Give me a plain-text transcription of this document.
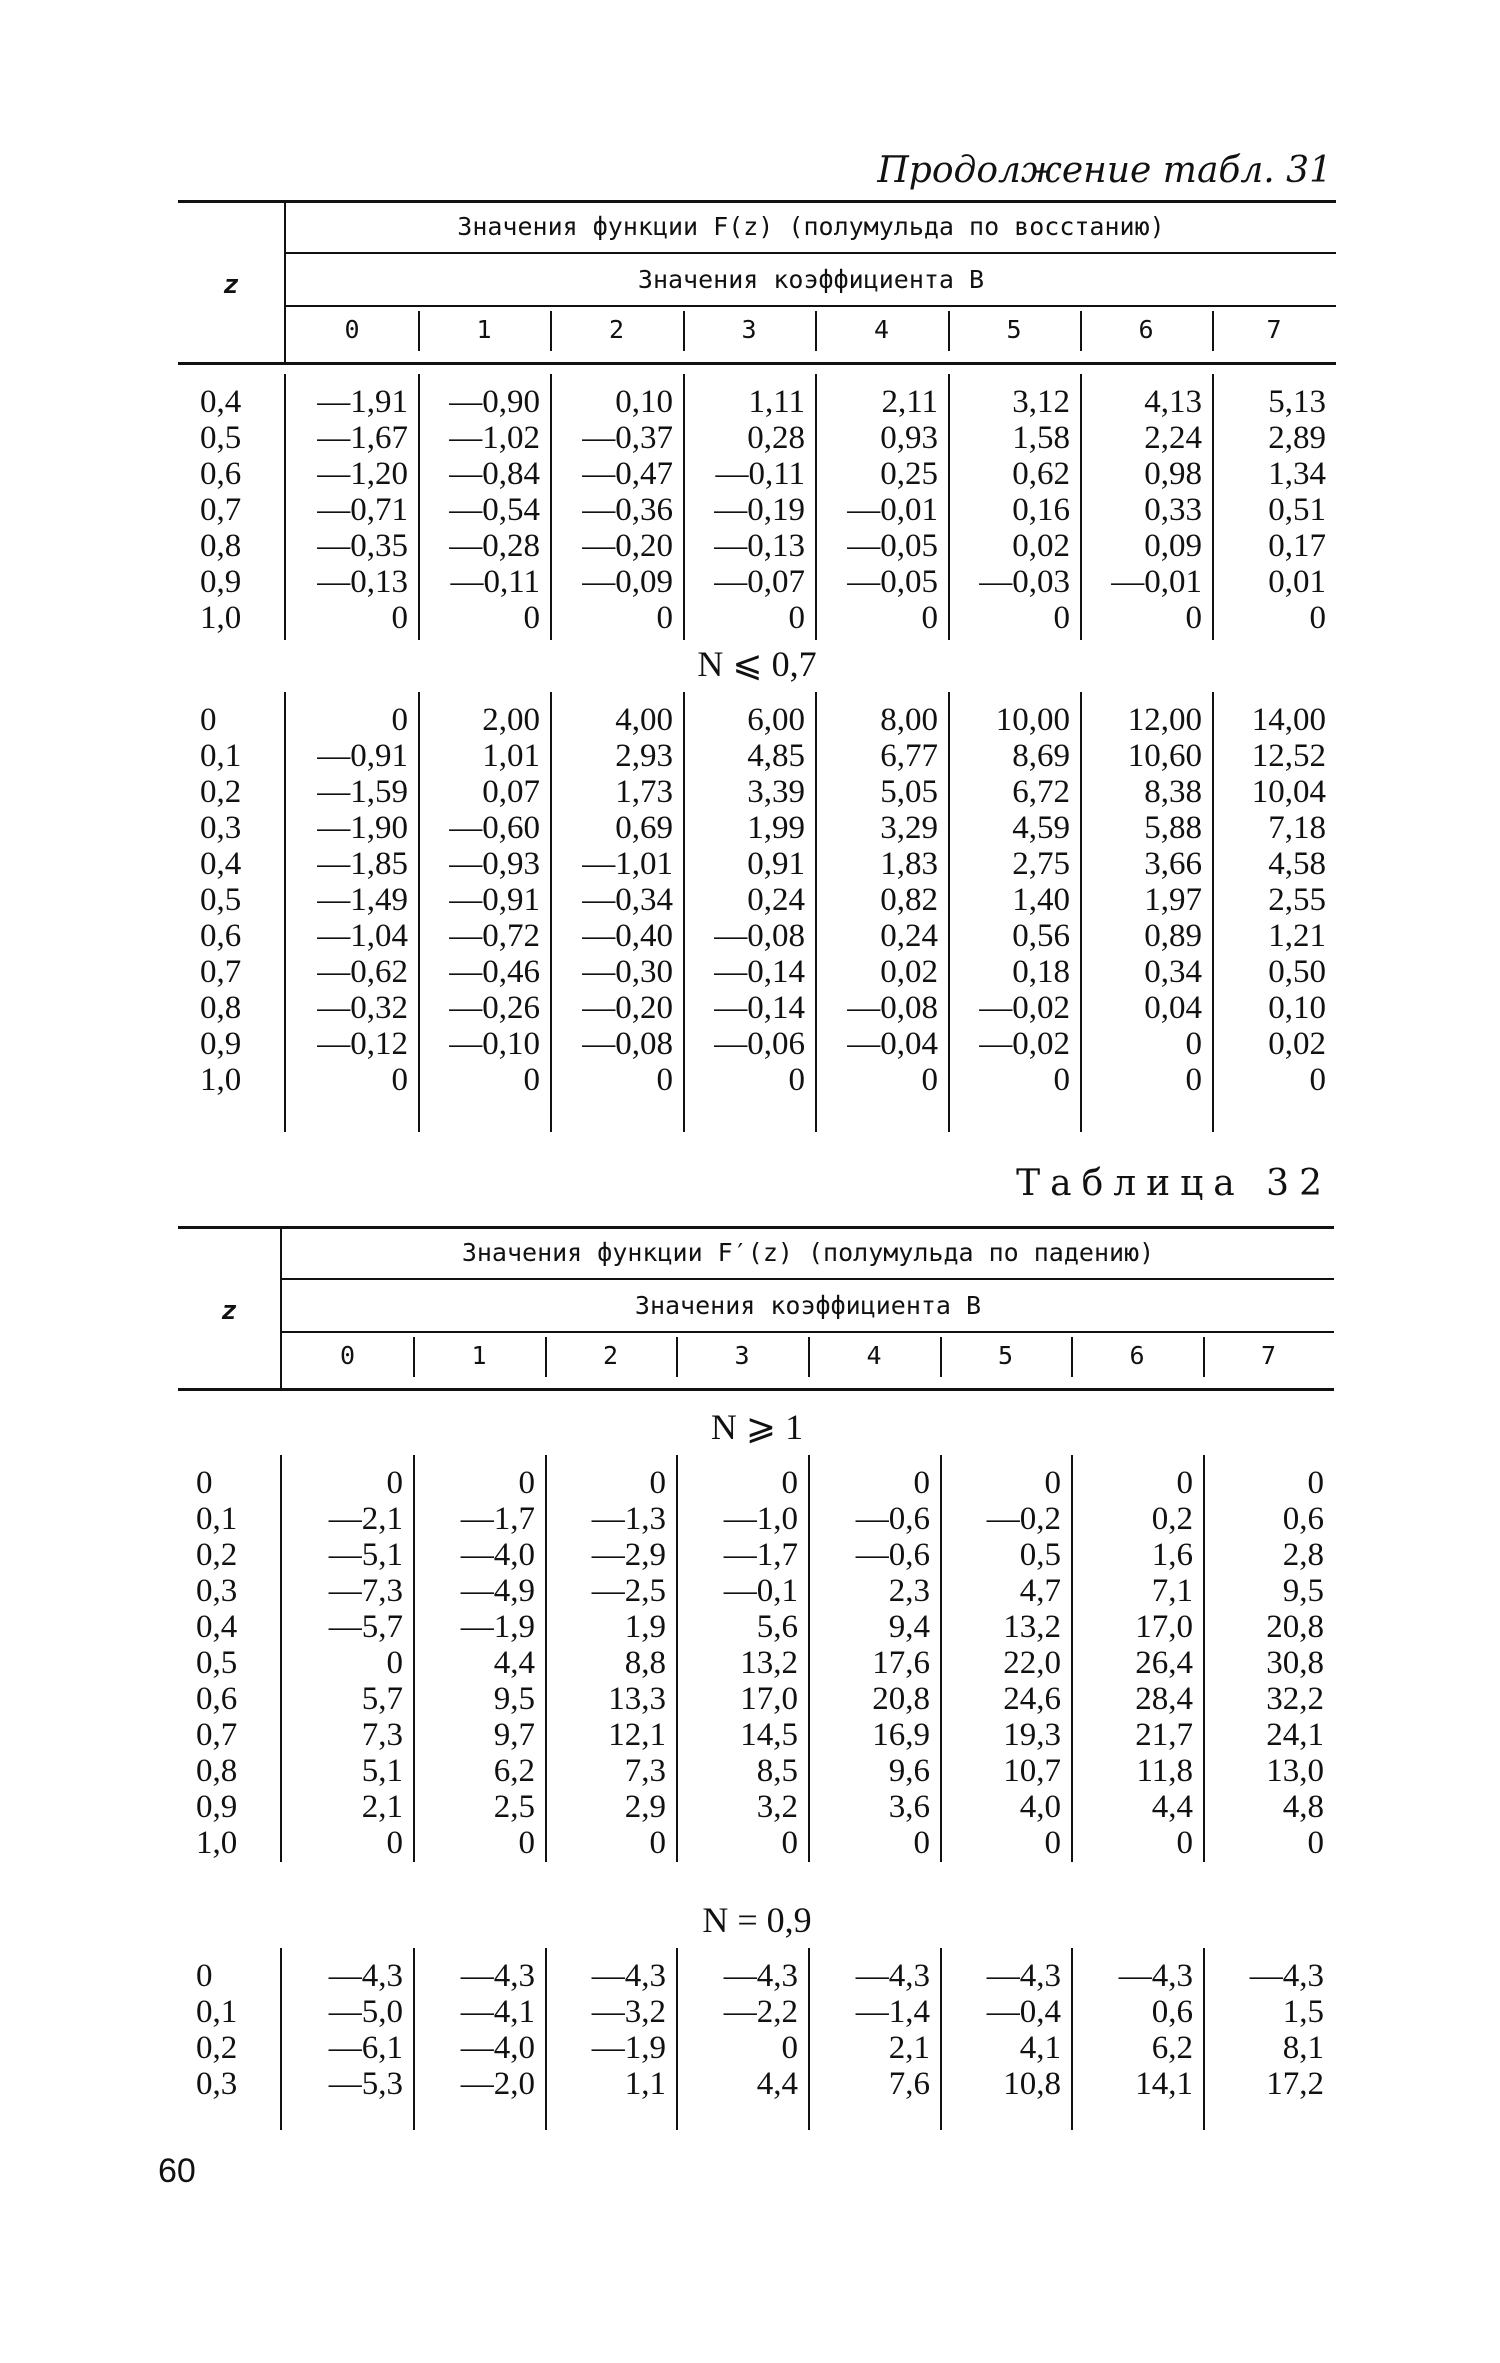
Продолжение табл. 31
z
Значения функции F(z) (полумульда по восстанию)
Значения коэффициента B
0	1	2	3	4	5	6	7
0,4	—1,91	—0,90	0,10	1,11	2,11	3,12	4,13	5,13
0,5	—1,67	—1,02	—0,37	0,28	0,93	1,58	2,24	2,89
0,6	—1,20	—0,84	—0,47	—0,11	0,25	0,62	0,98	1,34
0,7	—0,71	—0,54	—0,36	—0,19	—0,01	0,16	0,33	0,51
0,8	—0,35	—0,28	—0,20	—0,13	—0,05	0,02	0,09	0,17
0,9	—0,13	—0,11	—0,09	—0,07	—0,05	—0,03	—0,01	0,01
1,0	0	0	0	0	0	0	0	0
N ⩽ 0,7
0	0	2,00	4,00	6,00	8,00	10,00	12,00	14,00
0,1	—0,91	1,01	2,93	4,85	6,77	8,69	10,60	12,52
0,2	—1,59	0,07	1,73	3,39	5,05	6,72	8,38	10,04
0,3	—1,90	—0,60	0,69	1,99	3,29	4,59	5,88	7,18
0,4	—1,85	—0,93	—1,01	0,91	1,83	2,75	3,66	4,58
0,5	—1,49	—0,91	—0,34	0,24	0,82	1,40	1,97	2,55
0,6	—1,04	—0,72	—0,40	—0,08	0,24	0,56	0,89	1,21
0,7	—0,62	—0,46	—0,30	—0,14	0,02	0,18	0,34	0,50
0,8	—0,32	—0,26	—0,20	—0,14	—0,08	—0,02	0,04	0,10
0,9	—0,12	—0,10	—0,08	—0,06	—0,04	—0,02	0	0,02
1,0	0	0	0	0	0	0	0	0
Таблица 32
z
Значения функции F′(z) (полумульда по падению)
Значения коэффициента B
0	1	2	3	4	5	6	7
N ⩾ 1
0	0	0	0	0	0	0	0	0
0,1	—2,1	—1,7	—1,3	—1,0	—0,6	—0,2	0,2	0,6
0,2	—5,1	—4,0	—2,9	—1,7	—0,6	0,5	1,6	2,8
0,3	—7,3	—4,9	—2,5	—0,1	2,3	4,7	7,1	9,5
0,4	—5,7	—1,9	1,9	5,6	9,4	13,2	17,0	20,8
0,5	0	4,4	8,8	13,2	17,6	22,0	26,4	30,8
0,6	5,7	9,5	13,3	17,0	20,8	24,6	28,4	32,2
0,7	7,3	9,7	12,1	14,5	16,9	19,3	21,7	24,1
0,8	5,1	6,2	7,3	8,5	9,6	10,7	11,8	13,0
0,9	2,1	2,5	2,9	3,2	3,6	4,0	4,4	4,8
1,0	0	0	0	0	0	0	0	0
N = 0,9
0	—4,3	—4,3	—4,3	—4,3	—4,3	—4,3	—4,3	—4,3
0,1	—5,0	—4,1	—3,2	—2,2	—1,4	—0,4	0,6	1,5
0,2	—6,1	—4,0	—1,9	0	2,1	4,1	6,2	8,1
0,3	—5,3	—2,0	1,1	4,4	7,6	10,8	14,1	17,2
60
